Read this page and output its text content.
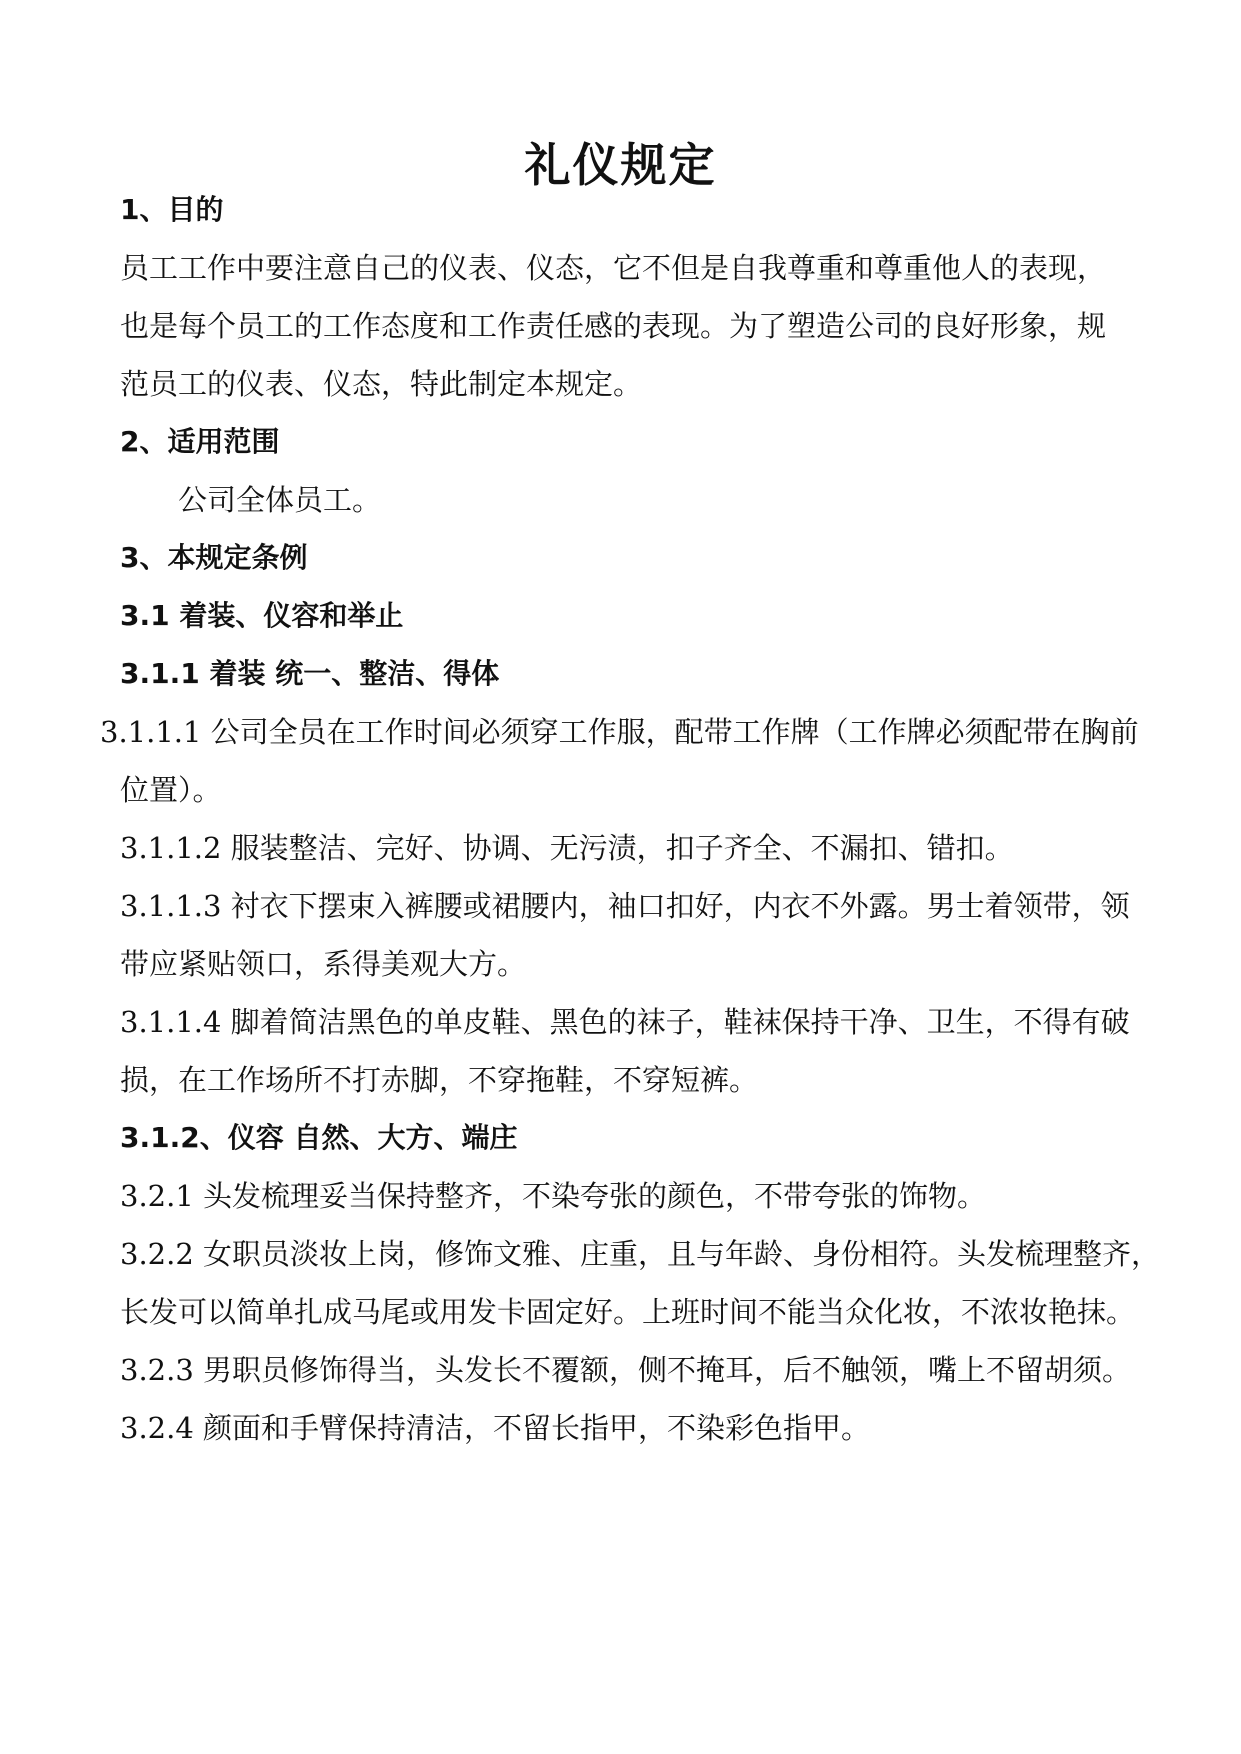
礼仪规定
1、目的
员工工作中要注意自己的仪表、仪态，它不但是自我尊重和尊重他人的表现，
也是每个员工的工作态度和工作责任感的表现。为了塑造公司的良好形象，规
范员工的仪表、仪态，特此制定本规定。
2、适用范围
公司全体员工。
3、本规定条例
3.1 着装、仪容和举止
3.1.1 着装 统一、整洁、得体
3.1.1.1 公司全员在工作时间必须穿工作服，配带工作牌（工作牌必须配带在胸前
位置）。
3.1.1.2 服装整洁、完好、协调、无污渍，扣子齐全、不漏扣、错扣。
3.1.1.3 衬衣下摆束入裤腰或裙腰内，袖口扣好，内衣不外露。男士着领带，领
带应紧贴领口，系得美观大方。
3.1.1.4 脚着简洁黑色的单皮鞋、黑色的袜子，鞋袜保持干净、卫生，不得有破
损，在工作场所不打赤脚，不穿拖鞋，不穿短裤。
3.1.2、仪容 自然、大方、端庄
3.2.1 头发梳理妥当保持整齐，不染夸张的颜色，不带夸张的饰物。
3.2.2 女职员淡妆上岗，修饰文雅、庄重，且与年龄、身份相符。头发梳理整齐，
长发可以简单扎成马尾或用发卡固定好。上班时间不能当众化妆，不浓妆艳抹。
3.2.3 男职员修饰得当，头发长不覆额，侧不掩耳，后不触领，嘴上不留胡须。
3.2.4 颜面和手臂保持清洁，不留长指甲，不染彩色指甲。
